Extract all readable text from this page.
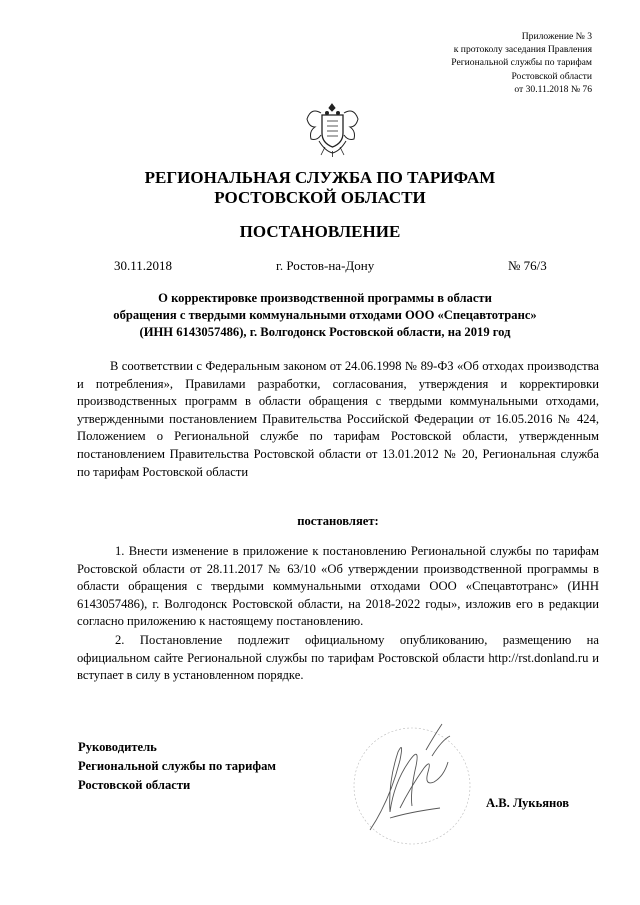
Приложение № 3
к протоколу заседания Правления
Региональной службы по тарифам
Ростовской области
от 30.11.2018 № 76
РЕГИОНАЛЬНАЯ СЛУЖБА ПО ТАРИФАМ
РОСТОВСКОЙ ОБЛАСТИ
ПОСТАНОВЛЕНИЕ
30.11.2018	г. Ростов-на-Дону	№ 76/3
О корректировке производственной программы в области
обращения с твердыми коммунальными отходами ООО «Спецавтотранс»
(ИНН 6143057486), г. Волгодонск Ростовской области, на 2019 год
В соответствии с Федеральным законом от 24.06.1998 № 89-ФЗ «Об отходах производства и потребления», Правилами разработки, согласования, утверждения и корректировки производственных программ в области обращения с твердыми коммунальными отходами, утвержденными постановлением Правительства Российской Федерации от 16.05.2016 № 424, Положением о Региональной службе по тарифам Ростовской области, утвержденным постановлением Правительства Ростовской области от 13.01.2012 № 20, Региональная служба по тарифам Ростовской области
постановляет:
1. Внести изменение в приложение к постановлению Региональной службы по тарифам Ростовской области от 28.11.2017 № 63/10 «Об утверждении производственной программы в области обращения с твердыми коммунальными отходами ООО «Спецавтотранс» (ИНН 6143057486), г. Волгодонск Ростовской области, на 2018-2022 годы», изложив его в редакции согласно приложению к настоящему постановлению.
2. Постановление подлежит официальному опубликованию, размещению на официальном сайте Региональной службы по тарифам Ростовской области http://rst.donland.ru и вступает в силу в установленном порядке.
Руководитель
Региональной службы по тарифам
Ростовской области
А.В. Лукьянов
